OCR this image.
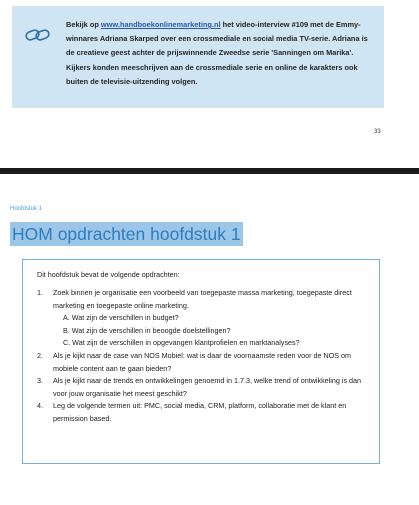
Bekijk op www.handboekonlinemarketing.nl het video-interview #109 met de Emmy-winnares Adriana Skarped over een crossmediale en social media TV-serie. Adriana is de creatieve geest achter de prijswinnende Zweedse serie 'Sanningen om Marika'. Kijkers konden meeschrijven aan de crossmediale serie en online de karakters ook buiten de televisie-uitzending volgen.
33
Hoofdstuk 1
HOM opdrachten hoofdstuk 1
Dit hoofdstuk bevat de volgende opdrachten:
1. Zoek binnen je organisatie een voorbeeld van toegepaste massa marketing, toegepaste direct marketing en toegepaste online marketing.
A. Wat zijn de verschillen in budget?
B. Wat zijn de verschillen in beoogde doelstellingen?
C. Wat zijn de verschillen in opgevangen klantprofielen en marktanalyses?
2. Als je kijkt naar de case van NOS Mobiel: wat is daar de voornaamste reden voor de NOS om mobiele content aan te gaan bieden?
3. Als je kijkt naar de trends en ontwikkelingen genoemd in 1.7.3, welke trend of ontwikkeling is dan voor jouw organisatie het meest geschikt?
4. Leg de volgende termen uit: PMC, social media, CRM, platform, collaboratie met de klant en permission based.
